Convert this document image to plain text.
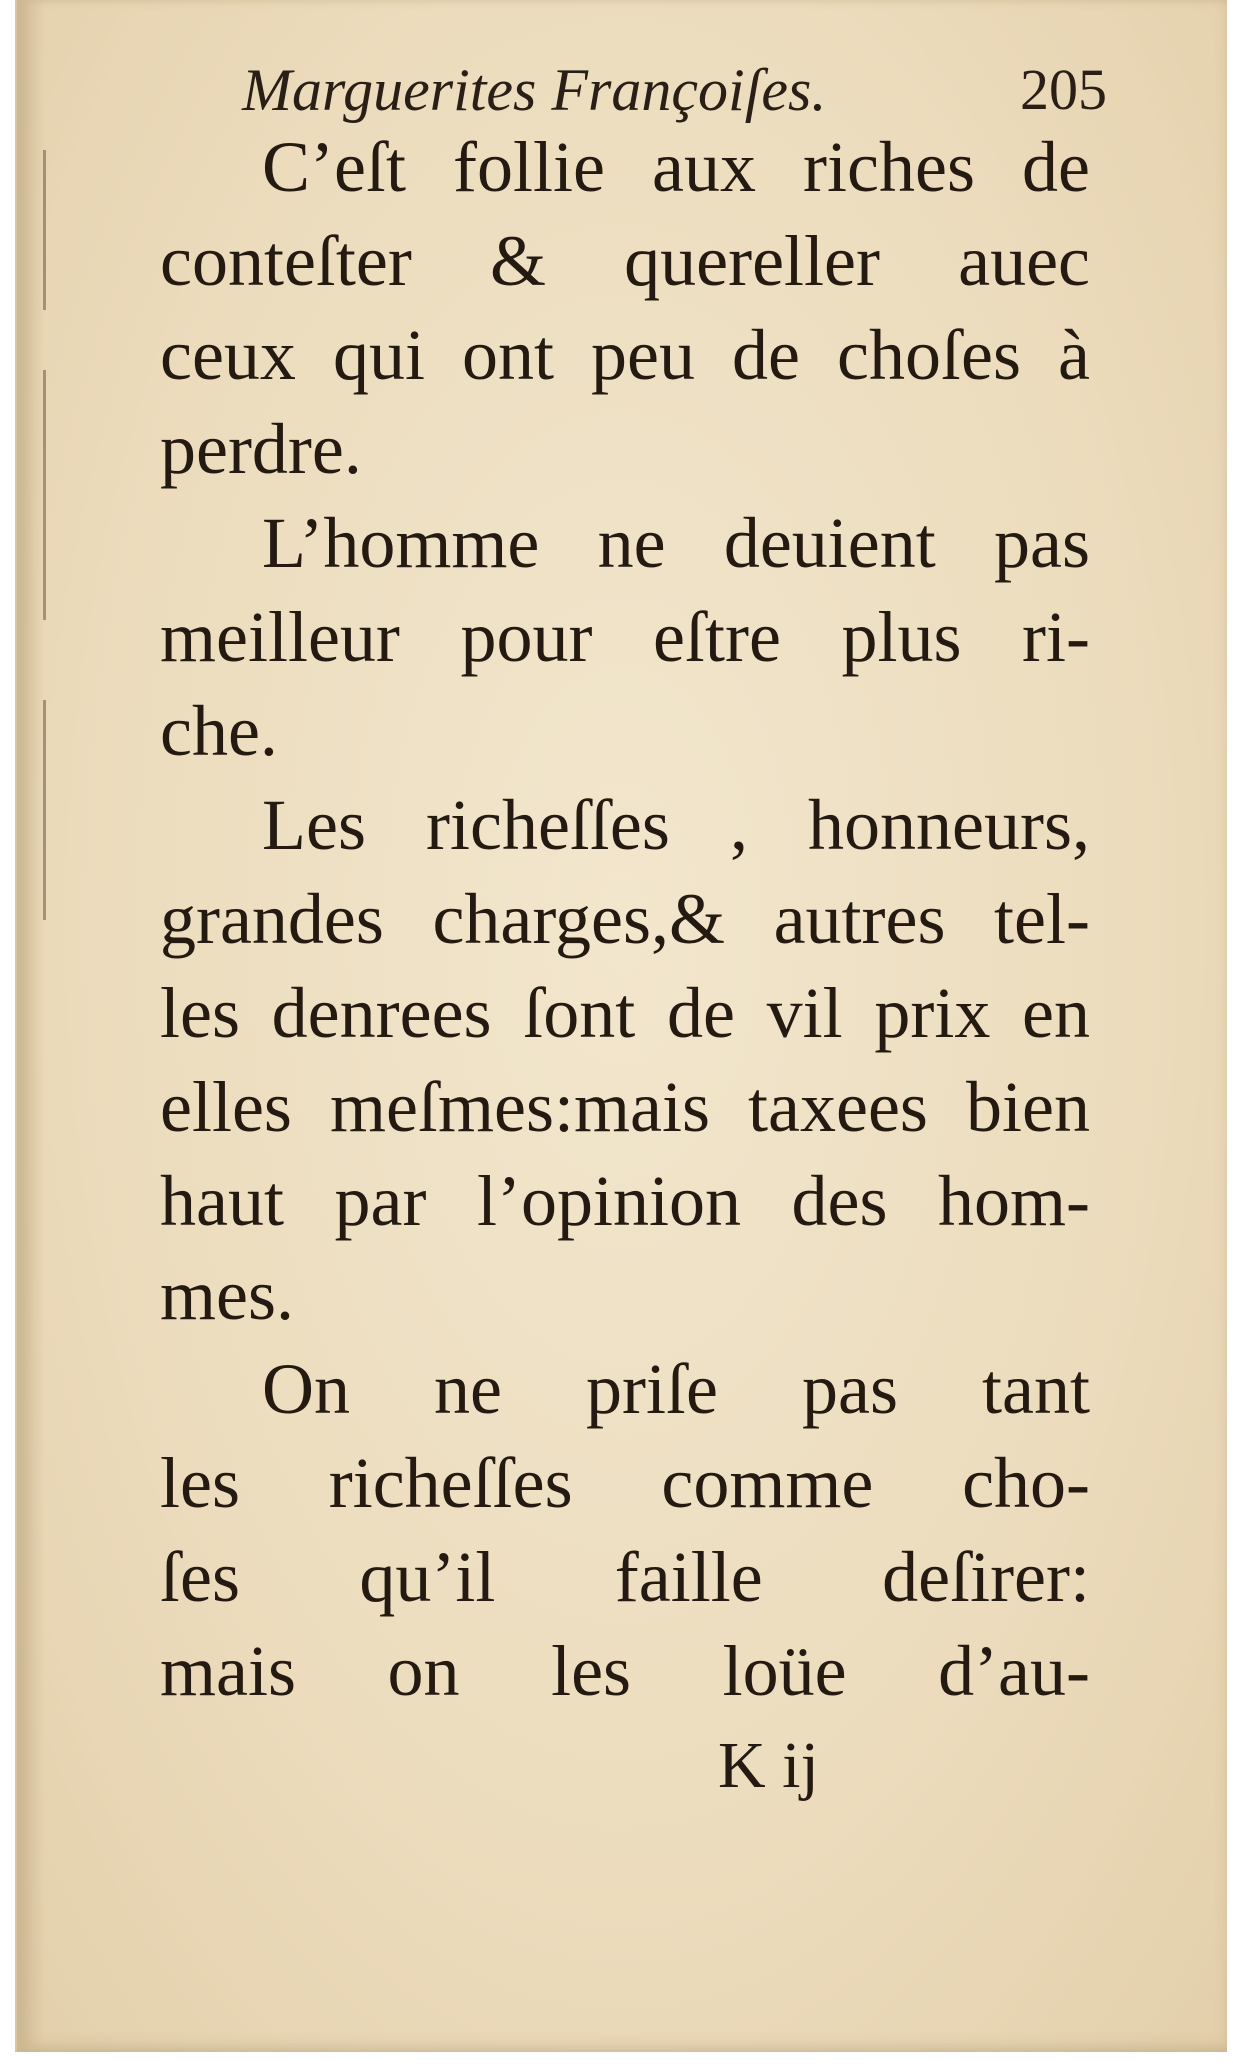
Marguerites Françoiſes.	205
C’eſt follie aux riches de
conteſter & quereller auec
ceux qui ont peu de choſes à
perdre.
L’homme ne deuient pas
meilleur pour eſtre plus ri-
che.
Les richeſſes , honneurs,
grandes charges,& autres tel-
les denrees ſont de vil prix en
elles meſmes:mais taxees bien
haut par l’opinion des hom-
mes.
On ne priſe pas tant
les richeſſes comme cho-
ſes qu’il faille deſirer:
mais on les loüe d’au-
K ij
